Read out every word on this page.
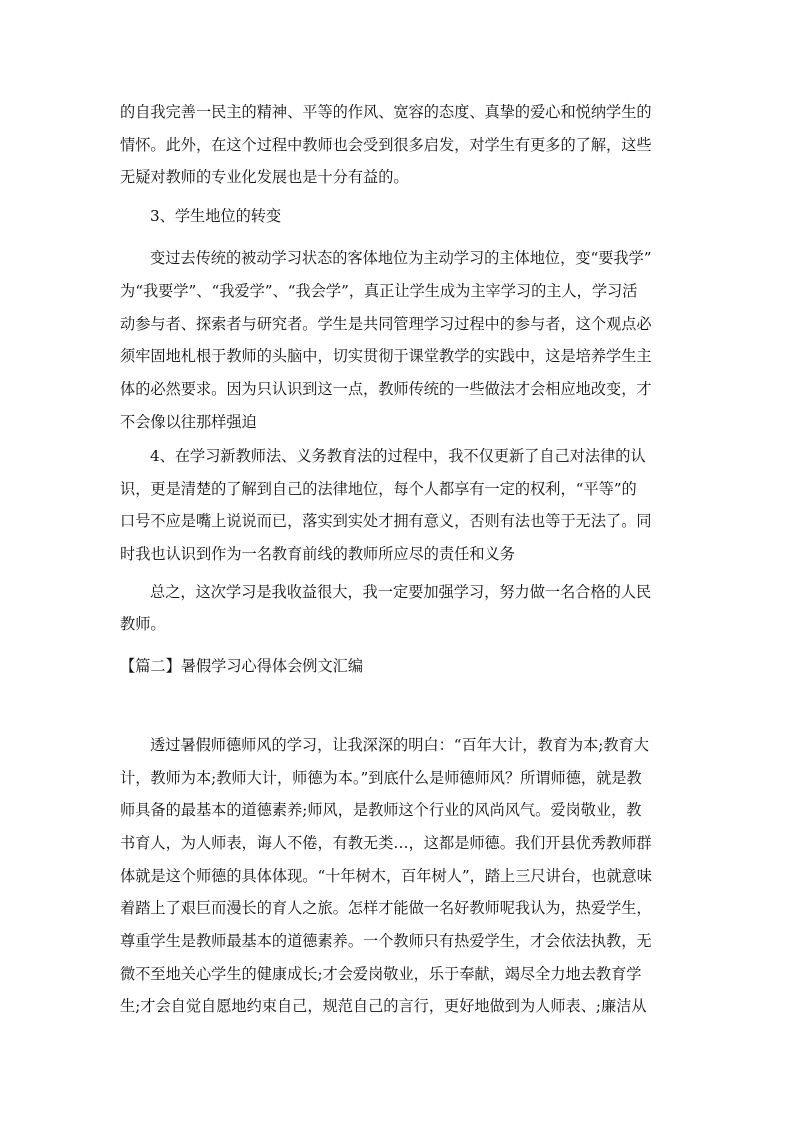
的自我完善一民主的精神、平等的作风、宽容的态度、真挚的爱心和悦纳学生的
情怀。此外，在这个过程中教师也会受到很多启发，对学生有更多的了解，这些
无疑对教师的专业化发展也是十分有益的。
3、学生地位的转变
变过去传统的被动学习状态的客体地位为主动学习的主体地位，变“要我学”
为“我要学”、“我爱学”、“我会学”，真正让学生成为主宰学习的主人，学习活
动参与者、探索者与研究者。学生是共同管理学习过程中的参与者，这个观点必
须牢固地札根于教师的头脑中，切实贯彻于课堂教学的实践中，这是培养学生主
体的必然要求。因为只认识到这一点，教师传统的一些做法才会相应地改变，才
不会像以往那样强迫
4、在学习新教师法、义务教育法的过程中，我不仅更新了自己对法律的认
识，更是清楚的了解到自己的法律地位，每个人都享有一定的权利，“平等”的
口号不应是嘴上说说而已，落实到实处才拥有意义，否则有法也等于无法了。同
时我也认识到作为一名教育前线的教师所应尽的责任和义务
总之，这次学习是我收益很大，我一定要加强学习，努力做一名合格的人民
教师。
【篇二】暑假学习心得体会例文汇编
透过暑假师德师风的学习，让我深深的明白：“百年大计，教育为本;教育大
计，教师为本;教师大计，师德为本。”到底什么是师德师风？所谓师德，就是教
师具备的最基本的道德素养;师风，是教师这个行业的风尚风气。爱岗敬业，教
书育人，为人师表，诲人不倦，有教无类…，这都是师德。我们开县优秀教师群
体就是这个师德的具体体现。“十年树木，百年树人”，踏上三尺讲台，也就意味
着踏上了艰巨而漫长的育人之旅。怎样才能做一名好教师呢我认为，热爱学生，
尊重学生是教师最基本的道德素养。一个教师只有热爱学生，才会依法执教，无
微不至地关心学生的健康成长;才会爱岗敬业，乐于奉献，竭尽全力地去教育学
生;才会自觉自愿地约束自己，规范自己的言行，更好地做到为人师表、;廉洁从
